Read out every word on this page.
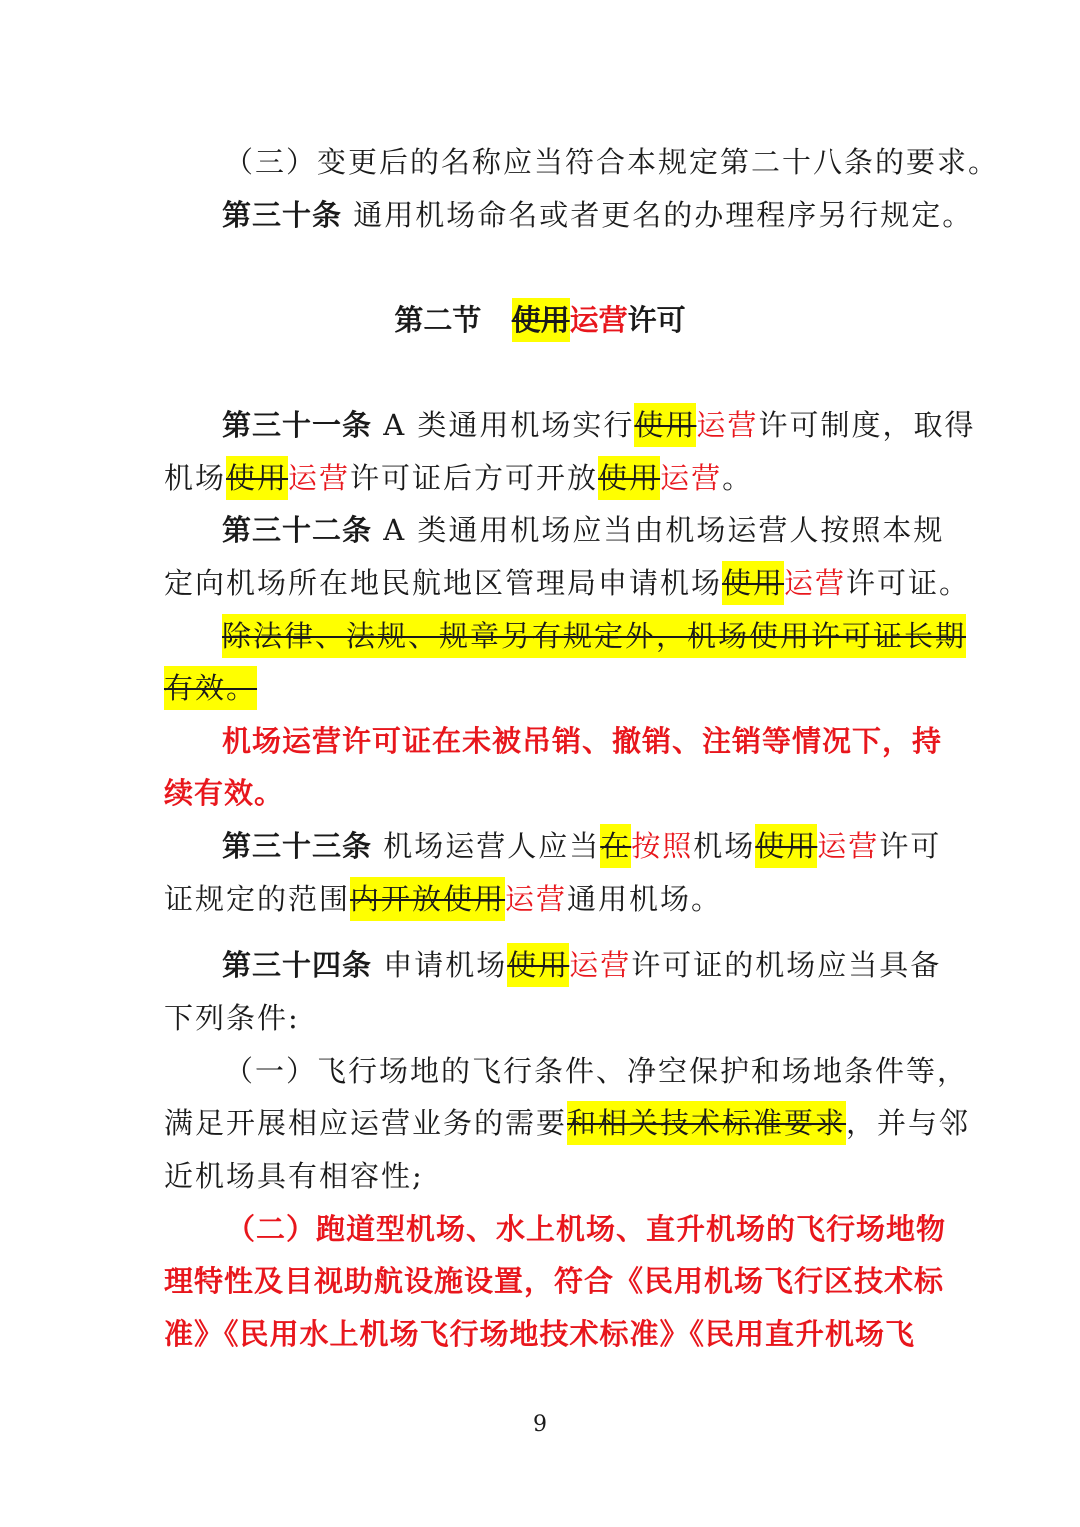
（三）变更后的名称应当符合本规定第二十八条的要求。
第三十条 通用机场命名或者更名的办理程序另行规定。
第二节 使用运营许可
第三十一条 A 类通用机场实行使用运营许可制度，取得
机场使用运营许可证后方可开放使用运营。
第三十二条 A 类通用机场应当由机场运营人按照本规
定向机场所在地民航地区管理局申请机场使用运营许可证。
除法律、法规、规章另有规定外，机场使用许可证长期
有效。
机场运营许可证在未被吊销、撤销、注销等情况下，持
续有效。
第三十三条 机场运营人应当在按照机场使用运营许可
证规定的范围内开放使用运营通用机场。
第三十四条 申请机场使用运营许可证的机场应当具备
下列条件:
（一）飞行场地的飞行条件、净空保护和场地条件等，
满足开展相应运营业务的需要和相关技术标准要求，并与邻
近机场具有相容性;
（二）跑道型机场、水上机场、直升机场的飞行场地物
理特性及目视助航设施设置，符合《民用机场飞行区技术标
准》《民用水上机场飞行场地技术标准》《民用直升机场飞
9
